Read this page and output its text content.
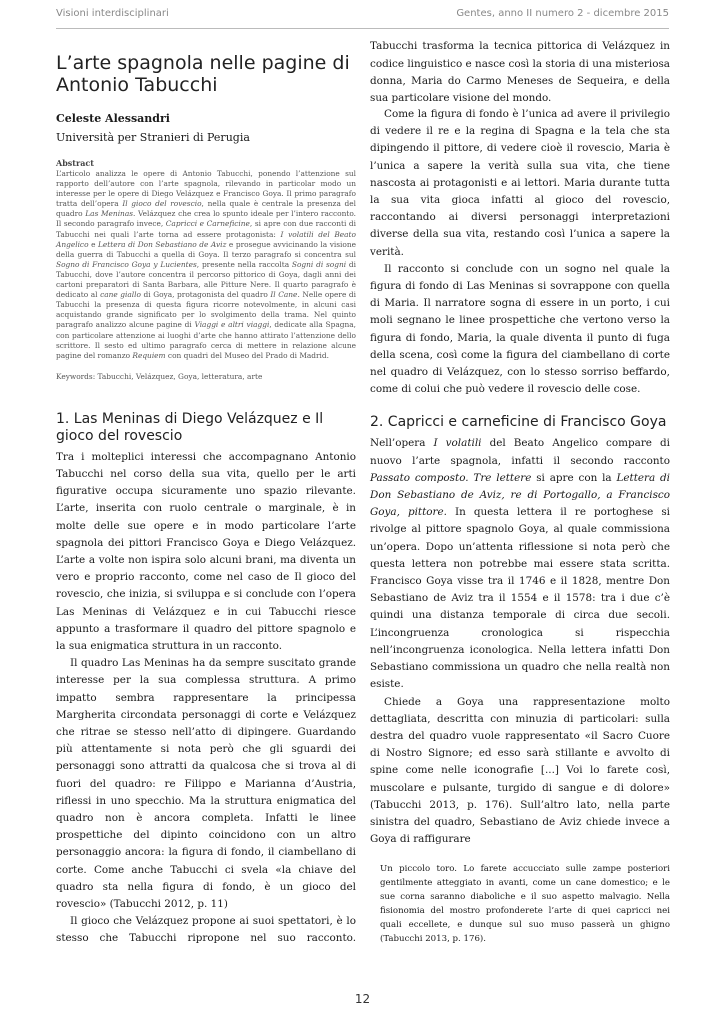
Visioni interdisciplinari	Gentes, anno II numero 2 - dicembre 2015
L’arte spagnola nelle pagine di Antonio Tabucchi

Celeste Alessandri

Università per Stranieri di Perugia

Abstract

L’articolo analizza le opere di Antonio Tabucchi, ponendo l’attenzione sul rapporto dell’autore con l’arte spagnola, rilevando in particolar modo un interesse per le opere di Diego Velázquez e Francisco Goya. Il primo paragrafo tratta dell’opera Il gioco del rovescio, nella quale è centrale la presenza del quadro Las Meninas. Velázquez che crea lo spunto ideale per l’intero racconto. Il secondo paragrafo invece, Capricci e Carneficine, si apre con due racconti di Tabucchi nei quali l’arte torna ad essere protagonista: I volatili del Beato Angelico e Lettera di Don Sebastiano de Aviz e prosegue avvicinando la visione della guerra di Tabucchi a quella di Goya. Il terzo paragrafo si concentra sul Sogno di Francisco Goya y Lucientes, presente nella raccolta Sogni di sogni di Tabucchi, dove l’autore concentra il percorso pittorico di Goya, dagli anni dei cartoni preparatori di Santa Barbara, alle Pitture Nere. Il quarto paragrafo è dedicato al cane giallo di Goya, protagonista del quadro Il Cane. Nelle opere di Tabucchi la presenza di questa figura ricorre notevolmente, in alcuni casi acquistando grande significato per lo svolgimento della trama. Nel quinto paragrafo analizzo alcune pagine di Viaggi e altri viaggi, dedicate alla Spagna, con particolare attenzione ai luoghi d’arte che hanno attirato l’attenzione dello scrittore. Il sesto ed ultimo paragrafo cerca di mettere in relazione alcune pagine del romanzo Requiem con quadri del Museo del Prado di Madrid.

Keywords: Tabucchi, Velázquez, Goya, letteratura, arte

1. Las Meninas di Diego Velázquez e Il gioco del rovescio

Tra i molteplici interessi che accompagnano Antonio Tabucchi nel corso della sua vita, quello per le arti figurative occupa sicuramente uno spazio rilevante. L’arte, inserita con ruolo centrale o marginale, è in molte delle sue opere e in modo particolare l’arte spagnola dei pittori Francisco Goya e Diego Velázquez. L’arte a volte non ispira solo alcuni brani, ma diventa un vero e proprio racconto, come nel caso de Il gioco del rovescio, che inizia, si sviluppa e si conclude con l’opera Las Meninas di Velázquez e in cui Tabucchi riesce appunto a trasformare il quadro del pittore spagnolo e la sua enigmatica struttura in un racconto.

Il quadro Las Meninas ha da sempre suscitato grande interesse per la sua complessa struttura. A primo impatto sembra rappresentare la principessa Margherita circondata personaggi di corte e Velázquez che ritrae se stesso nell’atto di dipingere. Guardando più attentamente si nota però che gli sguardi dei personaggi sono attratti da qualcosa che si trova al di fuori del quadro: re Filippo e Marianna d’Austria, riflessi in uno specchio. Ma la struttura enigmatica del quadro non è ancora completa. Infatti le linee prospettiche del dipinto coincidono con un altro personaggio ancora: la figura di fondo, il ciambellano di corte. Come anche Tabucchi ci svela «la chiave del quadro sta nella figura di fondo, è un gioco del rovescio» (Tabucchi 2012, p. 11)

Il gioco che Velázquez propone ai suoi spettatori, è lo stesso che Tabucchi ripropone nel suo racconto.

Tabucchi trasforma la tecnica pittorica di Velázquez in codice linguistico e nasce così la storia di una misteriosa donna, Maria do Carmo Meneses de Sequeira, e della sua particolare visione del mondo.

Come la figura di fondo è l’unica ad avere il privilegio di vedere il re e la regina di Spagna e la tela che sta dipingendo il pittore, di vedere cioè il rovescio, Maria è l’unica a sapere la verità sulla sua vita, che tiene nascosta ai protagonisti e ai lettori. Maria durante tutta la sua vita gioca infatti al gioco del rovescio, raccontando ai diversi personaggi interpretazioni diverse della sua vita, restando così l’unica a sapere la verità.

Il racconto si conclude con un sogno nel quale la figura di fondo di Las Meninas si sovrappone con quella di Maria. Il narratore sogna di essere in un porto, i cui moli segnano le linee prospettiche che vertono verso la figura di fondo, Maria, la quale diventa il punto di fuga della scena, così come la figura del ciambellano di corte nel quadro di Velázquez, con lo stesso sorriso beffardo, come di colui che può vedere il rovescio delle cose.

2. Capricci e carneficine di Francisco Goya

Nell’opera I volatili del Beato Angelico compare di nuovo l’arte spagnola, infatti il secondo racconto Passato composto. Tre lettere si apre con la Lettera di Don Sebastiano de Aviz, re di Portogallo, a Francisco Goya, pittore. In questa lettera il re portoghese si rivolge al pittore spagnolo Goya, al quale commissiona un’opera. Dopo un’attenta riflessione si nota però che questa lettera non potrebbe mai essere stata scritta. Francisco Goya visse tra il 1746 e il 1828, mentre Don Sebastiano de Aviz tra il 1554 e il 1578: tra i due c’è quindi una distanza temporale di circa due secoli. L’incongruenza cronologica si rispecchia nell’incongruenza iconologica. Nella lettera infatti Don Sebastiano commissiona un quadro che nella realtà non esiste.

Chiede a Goya una rappresentazione molto dettagliata, descritta con minuzia di particolari: sulla destra del quadro vuole rappresentato «il Sacro Cuore di Nostro Signore; ed esso sarà stillante e avvolto di spine come nelle iconografie [...] Voi lo farete così, muscolare e pulsante, turgido di sangue e di dolore» (Tabucchi 2013, p. 176). Sull’altro lato, nella parte sinistra del quadro, Sebastiano de Aviz chiede invece a Goya di raffigurare

Un piccolo toro. Lo farete accucciato sulle zampe posteriori gentilmente atteggiato in avanti, come un cane domestico; e le sue corna saranno diaboliche e il suo aspetto malvagio. Nella fisionomia del mostro profonderete l’arte di quei capricci nei quali eccellete, e dunque sul suo muso passerà un ghigno (Tabucchi 2013, p. 176).

12
